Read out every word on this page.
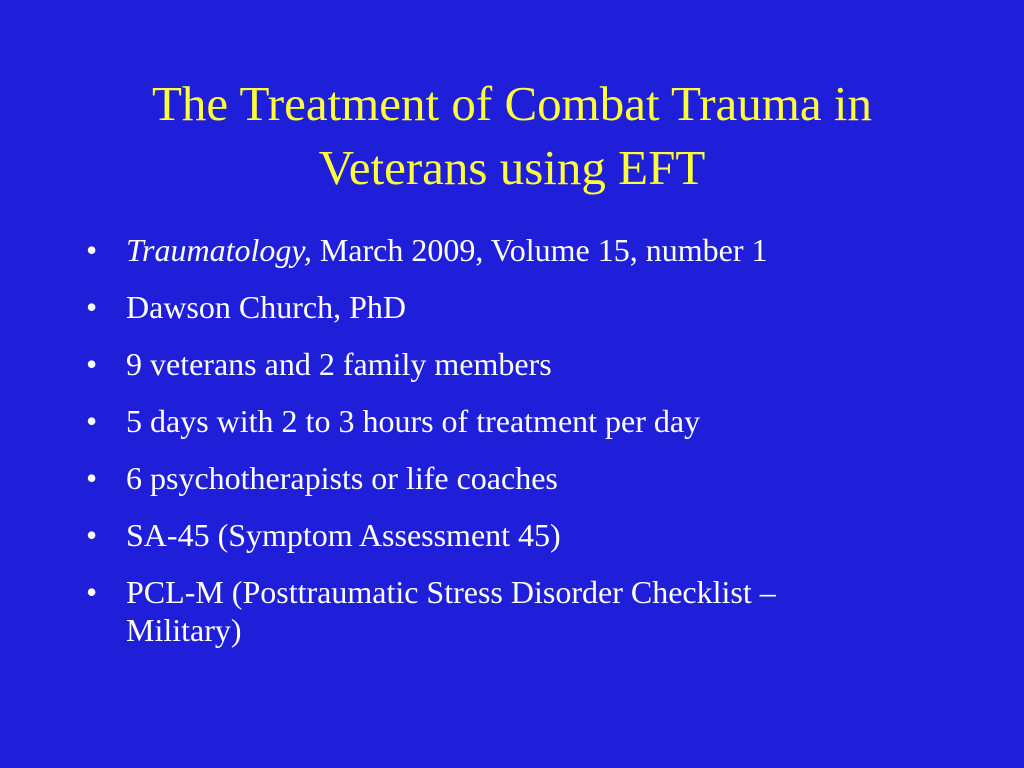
The Treatment of Combat Trauma in
Veterans using EFT
• Traumatology, March 2009, Volume 15, number 1
• Dawson Church, PhD
• 9 veterans and 2 family members
• 5 days with 2 to 3 hours of treatment per day
• 6 psychotherapists or life coaches
• SA-45 (Symptom Assessment 45)
• PCL-M (Posttraumatic Stress Disorder Checklist –
Military)
